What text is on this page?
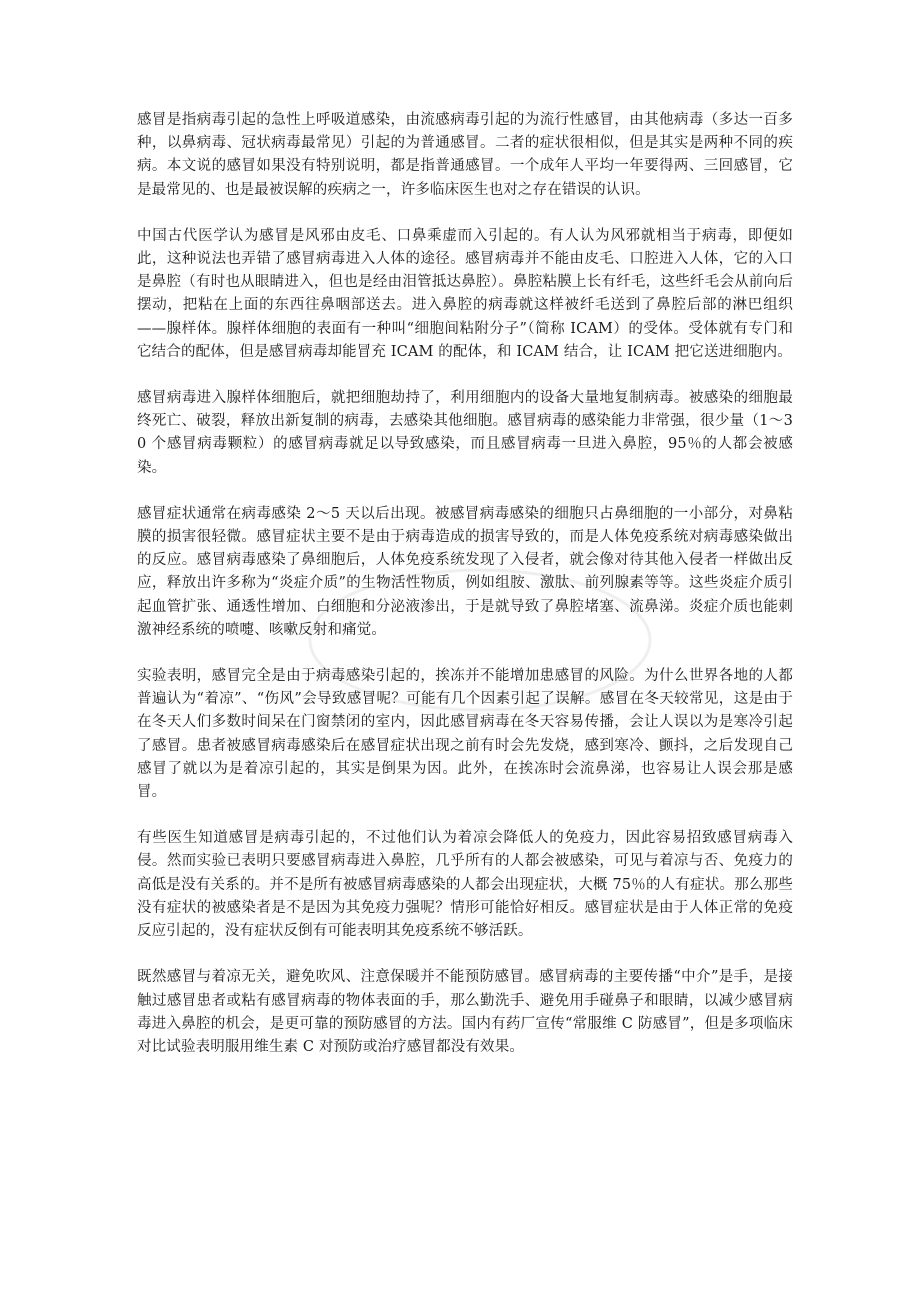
感冒是指病毒引起的急性上呼吸道感染，由流感病毒引起的为流行性感冒，由其他病毒（多达一百多种，以鼻病毒、冠状病毒最常见）引起的为普通感冒。二者的症状很相似，但是其实是两种不同的疾病。本文说的感冒如果没有特别说明，都是指普通感冒。一个成年人平均一年要得两、三回感冒，它是最常见的、也是最被误解的疾病之一，许多临床医生也对之存在错误的认识。

中国古代医学认为感冒是风邪由皮毛、口鼻乘虚而入引起的。有人认为风邪就相当于病毒，即便如此，这种说法也弄错了感冒病毒进入人体的途径。感冒病毒并不能由皮毛、口腔进入人体，它的入口是鼻腔（有时也从眼睛进入，但也是经由泪管抵达鼻腔）。鼻腔粘膜上长有纤毛，这些纤毛会从前向后摆动，把粘在上面的东西往鼻咽部送去。进入鼻腔的病毒就这样被纤毛送到了鼻腔后部的淋巴组织——腺样体。腺样体细胞的表面有一种叫“细胞间粘附分子”（简称 ICAM）的受体。受体就有专门和它结合的配体，但是感冒病毒却能冒充 ICAM 的配体，和 ICAM 结合，让 ICAM 把它送进细胞内。

感冒病毒进入腺样体细胞后，就把细胞劫持了，利用细胞内的设备大量地复制病毒。被感染的细胞最终死亡、破裂，释放出新复制的病毒，去感染其他细胞。感冒病毒的感染能力非常强，很少量（1～30 个感冒病毒颗粒）的感冒病毒就足以导致感染，而且感冒病毒一旦进入鼻腔，95％的人都会被感染。

感冒症状通常在病毒感染 2～5 天以后出现。被感冒病毒感染的细胞只占鼻细胞的一小部分，对鼻粘膜的损害很轻微。感冒症状主要不是由于病毒造成的损害导致的，而是人体免疫系统对病毒感染做出的反应。感冒病毒感染了鼻细胞后，人体免疫系统发现了入侵者，就会像对待其他入侵者一样做出反应，释放出许多称为“炎症介质”的生物活性物质，例如组胺、激肽、前列腺素等等。这些炎症介质引起血管扩张、通透性增加、白细胞和分泌液渗出，于是就导致了鼻腔堵塞、流鼻涕。炎症介质也能刺激神经系统的喷嚏、咳嗽反射和痛觉。

实验表明，感冒完全是由于病毒感染引起的，挨冻并不能增加患感冒的风险。为什么世界各地的人都普遍认为“着凉”、“伤风”会导致感冒呢？可能有几个因素引起了误解。感冒在冬天较常见，这是由于在冬天人们多数时间呆在门窗禁闭的室内，因此感冒病毒在冬天容易传播，会让人误以为是寒冷引起了感冒。患者被感冒病毒感染后在感冒症状出现之前有时会先发烧，感到寒冷、颤抖，之后发现自己感冒了就以为是着凉引起的，其实是倒果为因。此外，在挨冻时会流鼻涕，也容易让人误会那是感冒。

有些医生知道感冒是病毒引起的，不过他们认为着凉会降低人的免疫力，因此容易招致感冒病毒入侵。然而实验已表明只要感冒病毒进入鼻腔，几乎所有的人都会被感染，可见与着凉与否、免疫力的高低是没有关系的。并不是所有被感冒病毒感染的人都会出现症状，大概 75％的人有症状。那么那些没有症状的被感染者是不是因为其免疫力强呢？情形可能恰好相反。感冒症状是由于人体正常的免疫反应引起的，没有症状反倒有可能表明其免疫系统不够活跃。

既然感冒与着凉无关，避免吹风、注意保暖并不能预防感冒。感冒病毒的主要传播“中介”是手，是接触过感冒患者或粘有感冒病毒的物体表面的手，那么勤洗手、避免用手碰鼻子和眼睛，以减少感冒病毒进入鼻腔的机会，是更可靠的预防感冒的方法。国内有药厂宣传“常服维 C 防感冒”，但是多项临床对比试验表明服用维生素 C 对预防或治疗感冒都没有效果。
